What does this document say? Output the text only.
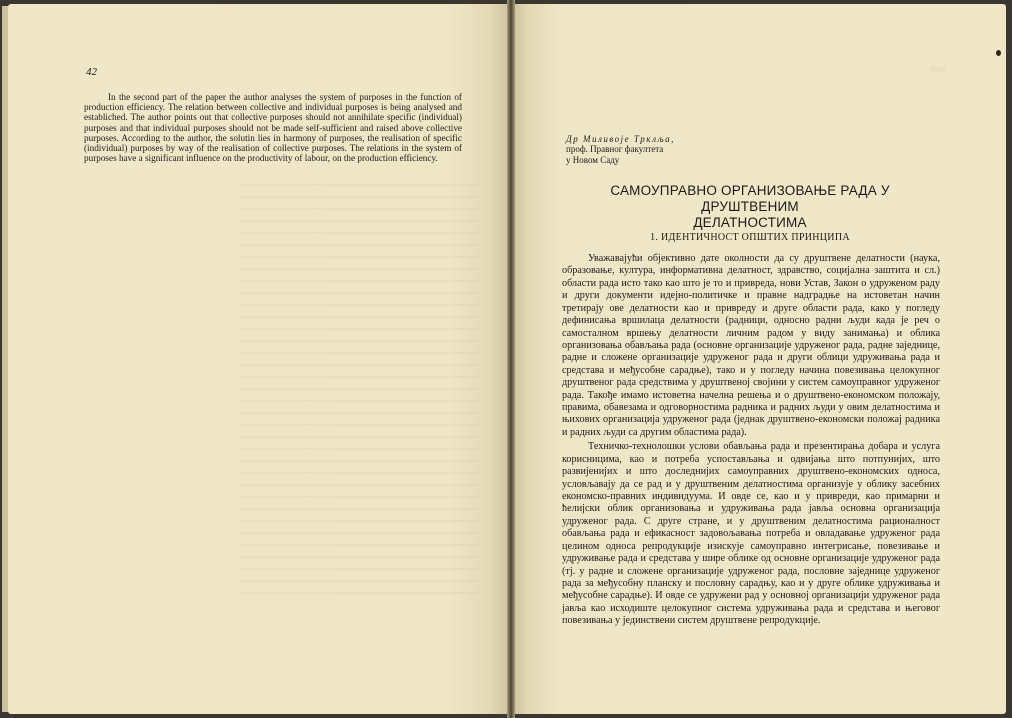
42

In the second part of the paper the author analyses the system of purposes in the function of production efficiency. The relation between collective and individual purposes is being analysed and establiched. The author points out that collective purposes should not annihilate specific (individual) purposes and that individual purposes should not be made self-sufficient and raised above collective purposes. According to the author, the solutin lies in harmony of purposes, the realisation of specific (individual) purposes by way of the realisation of collective purposes. The relations in the system of purposes have a significant influence on the productivity of labour, on the production efficiency.

Др Миливоје Трклља,
проф. Правног факултета
у Новом Саду
САМОУПРАВНО ОРГАНИЗОВАЊЕ РАДА У ДРУШТВЕНИМ
ДЕЛАТНОСТИМА
1. ИДЕНТИЧНОСТ ОПШТИХ ПРИНЦИПА

Уважавајући објективно дате околности да су друштвене делатности (наука, образовање, култура, информативна делатност, здравство, социјална заштита и сл.) области рада исто тако као што је то и привреда, нови Устав, Закон о удруженом раду и други документи идејно-политичке и правне надградње на истоветан начин третирају ове делатности као и привреду и друге области рада, како у погледу дефинисања вршилаца делатности (радници, односно радни људи када је реч о самосталном вршењу делатности личним радом у виду занимања) и облика организовања обављања рада (основне организације удруженог рада, радне заједнице, радне и сложене организације удруженог рада и други облици удруживања рада и средстава и међусобне сарадње), тако и у погледу начина повезивања целокупног друштвеног рада средствима у друштвеној својини у систем самоуправног удруженог рада. Такође имамо истоветна начелна решења и о друштвено-економском положају, правима, обавезама и одговорностима радника и радних људи у овим делатностима и њихових организација удруженог рада (једнак друштвено-економски положај радника и радних људи са другим областима рада).

Техничко-технолошки услови обављања рада и презентирања добара и услуга корисницима, као и потреба успостављања и одвијања што потпунијих, што развијенијих и што доследнијих самоуправних друштвено-економских односа, условљавају да се рад и у друштвеним делатностима организује у облику засебних економско-правних индивидуума. И овде се, као и у привреди, као примарни и ћелијски облик организовања и удруживања рада јавља основна организација удруженог рада. С друге стране, и у друштвеним делатностима рационалност обављања рада и ефикасност задовољавања потреба и овладавање удруженог рада целином односа репродукције изискује самоуправно интегрисање, повезивање и удруживање рада и средстава у шире облике од основне организације удруженог рада (тј. у радне и сложене организације удруженог рада, пословне заједнице удруженог рада за међусобну планску и пословну сарадњу, као и у друге облике удруживања и међусобне сарадње). И овде се удружени рад у основној организацији удруженог рада јавља као исходиште целокупног система удруживања рада и средстава и његовог повезивања у јединствени систем друштвене репродукције.
